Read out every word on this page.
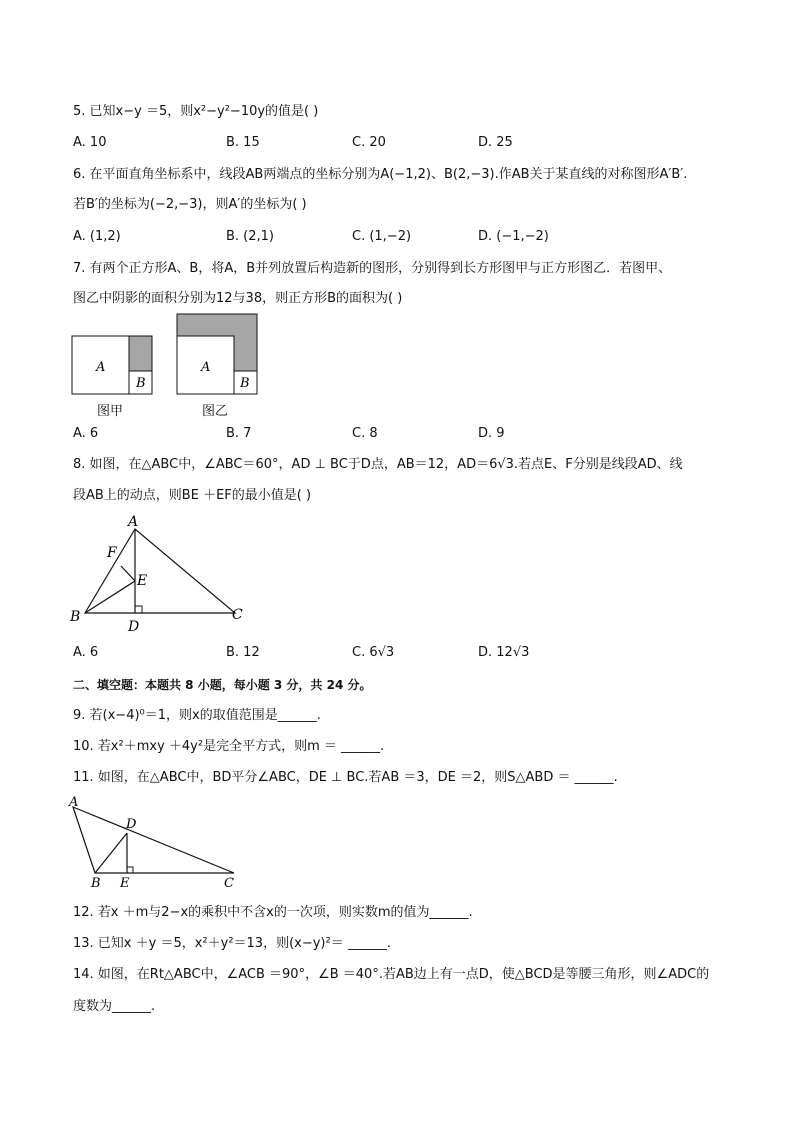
5. 已知x−y ＝5，则x²−y²−10y的值是( )
A. 10	B. 15	C. 20	D. 25
6. 在平面直角坐标系中，线段AB两端点的坐标分别为A(−1,2)、B(2,−3).作AB关于某直线的对称图形A′B′.
若B′的坐标为(−2,−3)，则A′的坐标为( )
A. (1,2)	B. (2,1)	C. (1,−2)	D. (−1,−2)
7. 有两个正方形A、B，将A，B并列放置后构造新的图形，分别得到长方形图甲与正方形图乙．若图甲、
图乙中阴影的面积分别为12与38，则正方形B的面积为( )
A
B
A
B
图甲	图乙
A. 6	B. 7	C. 8	D. 9
8. 如图，在△ABC中，∠ABC＝60°，AD ⊥ BC于D点，AB＝12，AD＝6√3.若点E、F分别是线段AD、线
段AB上的动点，则BE ＋EF的最小值是( )
A
B	C
D
E
F
A. 6	B. 12	C. 6√3	D. 12√3
二、填空题：本题共 8 小题，每小题 3 分，共 24 分。
9. 若(x−4)⁰＝1，则x的取值范围是______.
10. 若x²＋mxy ＋4y²是完全平方式，则m ＝ ______.
11. 如图，在△ABC中，BD平分∠ABC，DE ⊥ BC.若AB ＝3，DE ＝2，则S△ABD ＝ ______.
A
B	C
D
E
12. 若x ＋m与2−x的乘积中不含x的一次项，则实数m的值为______.
13. 已知x ＋y ＝5，x²＋y²＝13，则(x−y)²＝ ______.
14. 如图，在Rt△ABC中，∠ACB ＝90°，∠B ＝40°.若AB边上有一点D，使△BCD是等腰三角形，则∠ADC的
度数为______.
